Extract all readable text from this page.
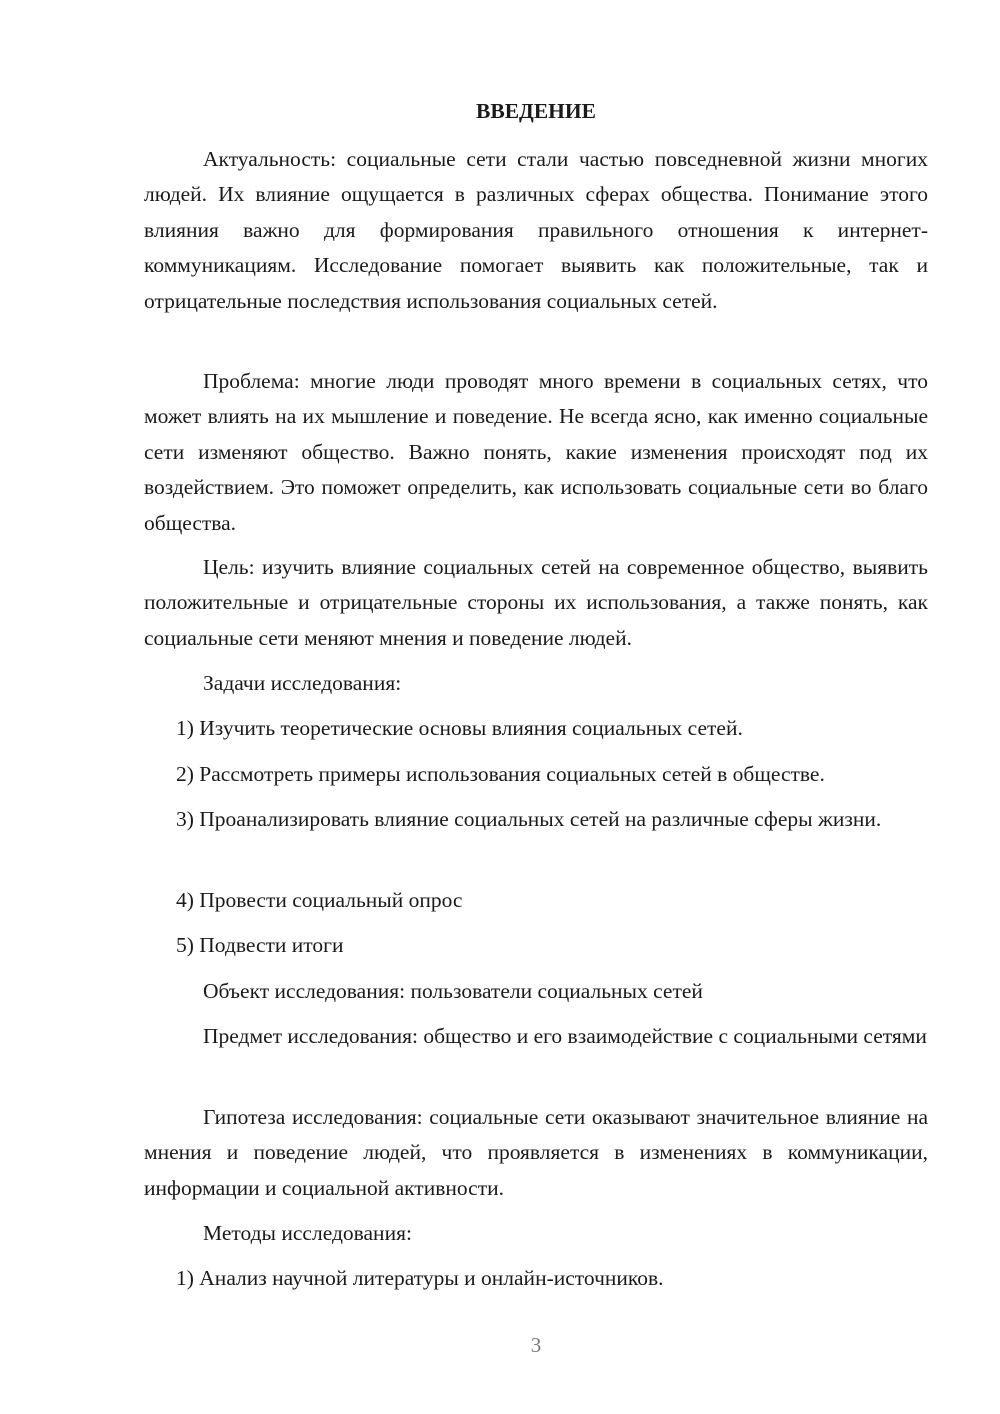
ВВЕДЕНИЕ

Актуальность: социальные сети стали частью повседневной жизни многих людей. Их влияние ощущается в различных сферах общества. Понимание этого влияния важно для формирования правильного отношения к интернет-коммуникациям. Исследование помогает выявить как положительные, так и отрицательные последствия использования социальных сетей.

Проблема: многие люди проводят много времени в социальных сетях, что может влиять на их мышление и поведение. Не всегда ясно, как именно социальные сети изменяют общество. Важно понять, какие изменения происходят под их воздействием. Это поможет определить, как использовать социальные сети во благо общества.

Цель: изучить влияние социальных сетей на современное общество, выявить положительные и отрицательные стороны их использования, а также понять, как социальные сети меняют мнения и поведение людей.

Задачи исследования:

1) Изучить теоретические основы влияния социальных сетей.

2) Рассмотреть примеры использования социальных сетей в обществе.

3) Проанализировать влияние социальных сетей на различные сферы жизни.

4) Провести социальный опрос

5) Подвести итоги

Объект исследования: пользователи социальных сетей

Предмет исследования: общество и его взаимодействие с социальными сетями

Гипотеза исследования: социальные сети оказывают значительное влияние на мнения и поведение людей, что проявляется в изменениях в коммуникации, информации и социальной активности.

Методы исследования:

1) Анализ научной литературы и онлайн-источников.

3
